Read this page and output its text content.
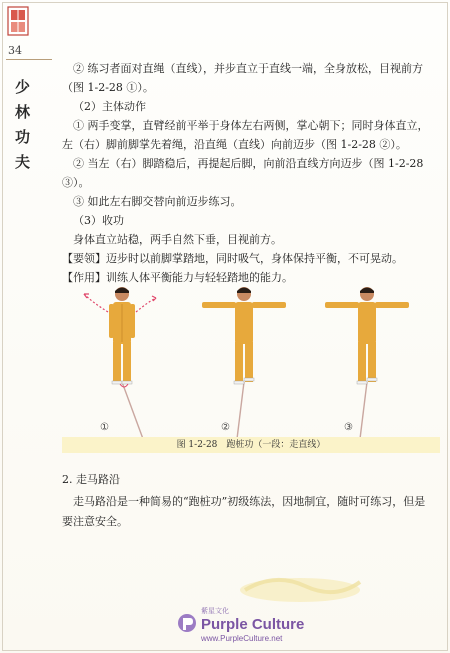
34
少
林
功
夫

② 练习者面对直绳（直线），并步直立于直线一端，全身放松，目视前方

（图 1-2-28 ①）。

（2）主体动作

① 两手变掌，直臂经前平举于身体左右两侧，掌心朝下；同时身体直立，

左（右）脚前脚掌先着绳，沿直绳（直线）向前迈步（图 1-2-28 ②）。

② 当左（右）脚踏稳后，再提起后脚，向前沿直线方向迈步（图 1-2-28 ③）。

③ 如此左右脚交替向前迈步练习。

（3）收功

身体直立站稳，两手自然下垂，目视前方。

【要领】迈步时以前脚掌踏地，同时吸气，身体保持平衡，不可晃动。

【作用】训练人体平衡能力与轻轻踏地的能力。

①	②	③
图 1-2-28　跑桩功（一段：走直线）
2. 走马路沿

走马路沿是一种简易的“跑桩功”初级练法，因地制宜，随时可练习，但是

要注意安全。

紫星文化
Purple Culture
www.PurpleCulture.net
